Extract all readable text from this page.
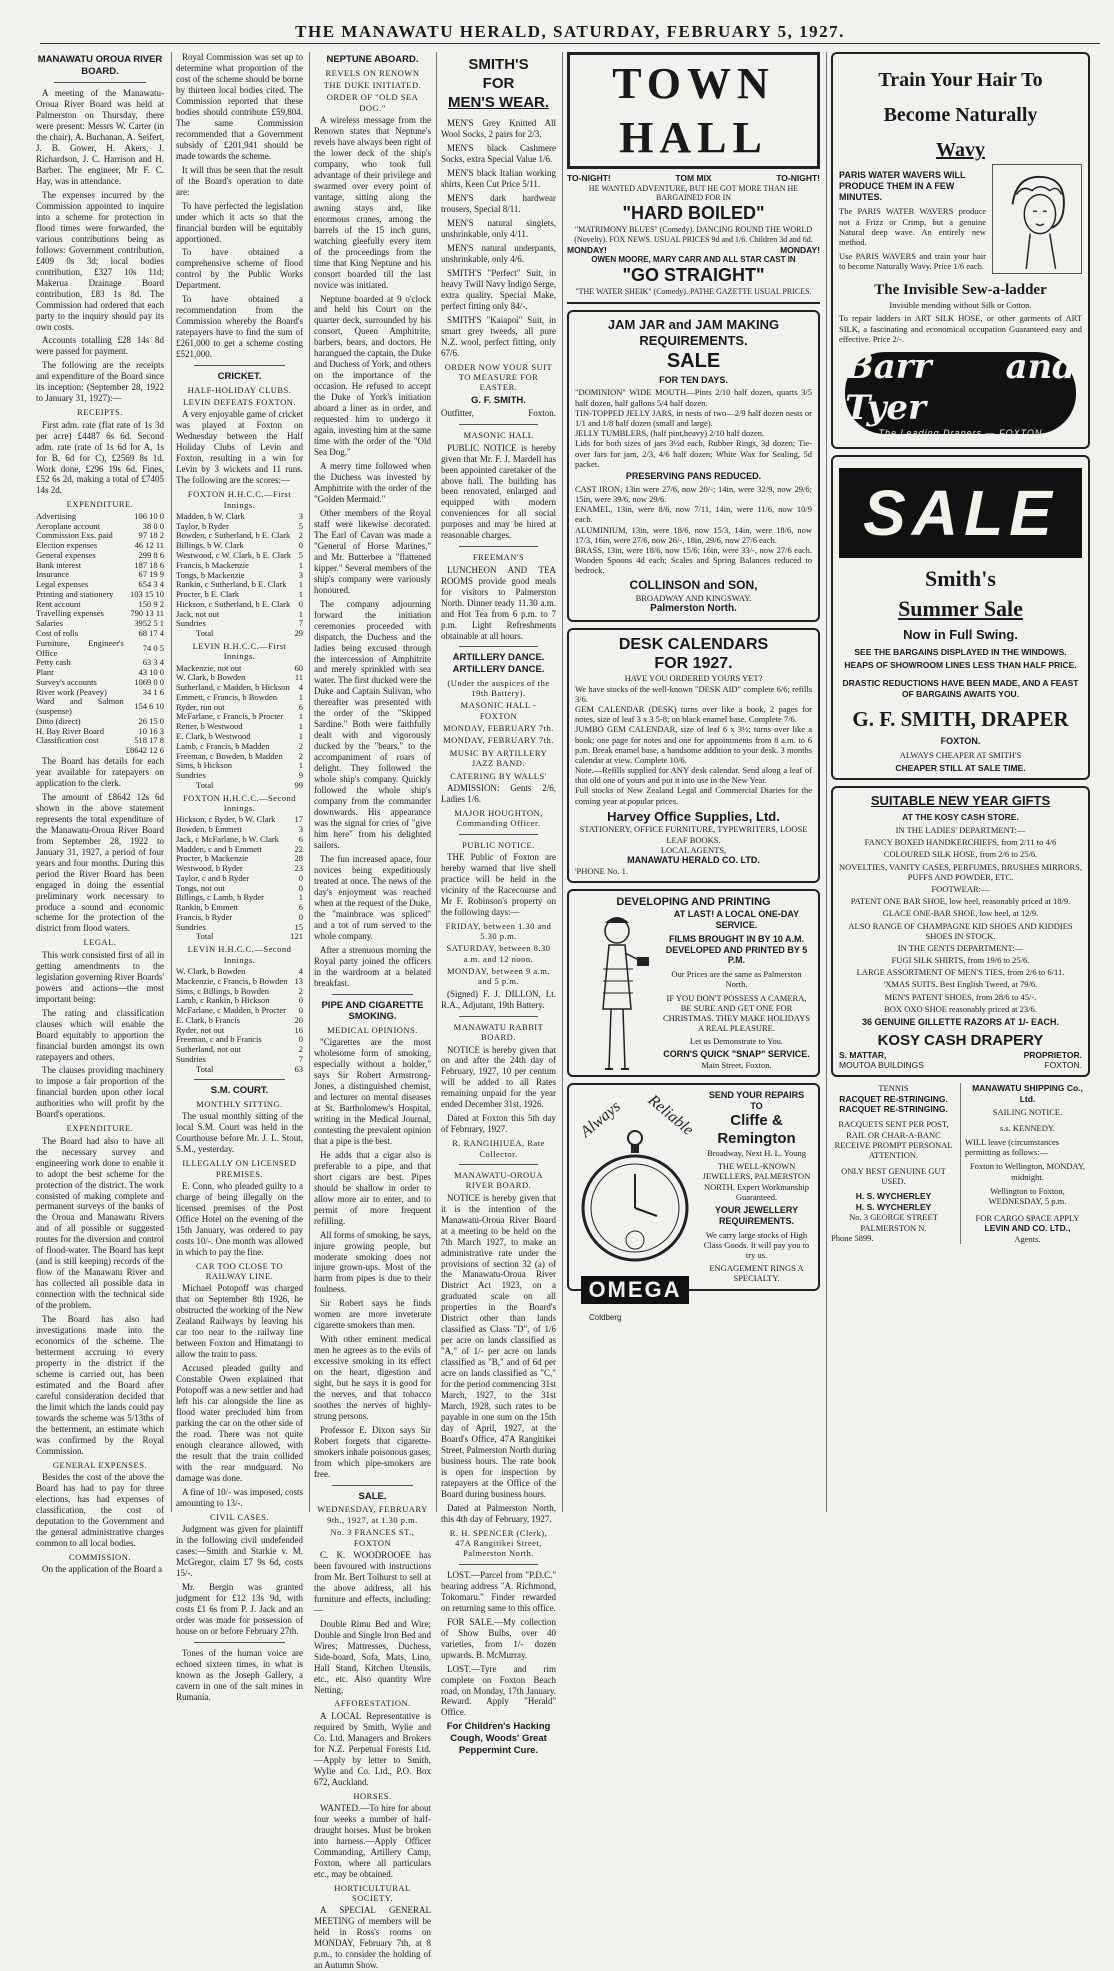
THE MANAWATU HERALD, SATURDAY, FEBRUARY 5, 1927.
MANAWATU OROUA RIVER BOARD.

A meeting of the Manawatu-Oroua River Board was held at Palmerston on Thursday, there were present: Messrs W. Carter (in the chair), A. Buchanan, A. Seifert, J. B. Gower, H. Akers, J. Richardson, J. C. Harrison and H. Barber. The engineer, Mr F. C. Hay, was in attendance.

The expenses incurred by the Commission appointed to inquire into a scheme for protection in flood times were forwarded, the various contributions being as follows: Government contribution, £409 0s 3d; local bodies contribution, £327 10s 11d; Makerua Drainage Board contribution, £83 1s 8d. The Commission had ordered that each party to the inquiry should pay its own costs.

Accounts totalling £28 14s 8d were passed for payment.

The following are the receipts and expenditure of the Board since its inception: (September 28, 1922 to January 31, 1927):—

RECEIPTS.

First adm. rate (flat rate of 1s 3d per acre) £4487 6s 6d. Second adm. rate (rate of 1s 6d for A, 1s for B, 6d for C), £2569 8s 1d. Work done, £296 19s 6d. Fines, £52 6s 2d, making a total of £7405 14s 2d.

EXPENDITURE.
Advertising	106 10 0
Aeroplane account	38 0 0
Commission Exs. paid	97 18 2
Election expenses	46 12 11
General expenses	299 8 6
Bank interest	187 18 6
Insurance	67 19 9
Legal expenses	654 3 4
Printing and stationery	103 15 10
Rent account	150 9 2
Travelling expenses	790 13 11
Salaries	3952 5 1
Cost of rolls	68 17 4
Furniture, Engineer's Office	74 0 5
Petty cash	63 3 4
Plant	43 10 0
Survey's accounts	1069 0 0
River work (Peavey)	34 1 6
Ward and Salmon (suspense)	154 6 10
Ditto (direct)	26 15 0
H. Bay River Board	10 16 3
Classification cost	518 17 8
	£8642 12 6

The Board has details for each year available for ratepayers on application to the clerk.

The amount of £8642 12s 6d shown in the above statement represents the total expenditure of the Manawatu-Oroua River Board from September 28, 1922 to January 31, 1927, a period of four years and four months. During this period the River Board has been engaged in doing the essential preliminary work necessary to produce a sound and economic scheme for the protection of the district from flood waters.

LEGAL.

This work consisted first of all in getting amendments to the legislation governing River Boards' powers and actions—the most important being:

The rating and classification clauses which will enable the Board equitably to apportion the financial burden amongst its own ratepayers and others.

The clauses providing machinery to impose a fair proportion of the financial burden upon other local authorities who will profit by the Board's operations.

EXPENDITURE.

The Board had also to have all the necessary survey and engineering work done to enable it to adopt the best scheme for the protection of the district. The work consisted of making complete and permanent surveys of the banks of the Oroua and Manawatu Rivers and of all possible or suggested routes for the diversion and control of flood-water. The Board has kept (and is still keeping) records of the flow of the Manawatu River and has collected all possible data in connection with the technical side of the problem.

The Board has also had investigations made into the economics of the scheme. The betterment accruing to every property in the district if the scheme is carried out, has been estimated and the Board after careful consideration decided that the limit which the lands could pay towards the scheme was 5/13ths of the betterment, an estimate which was confirmed by the Royal Commission.

GENERAL EXPENSES.

Besides the cost of the above the Board has had to pay for three elections, has had expenses of classification, the cost of deputation to the Government and the general administrative charges common to all local bodies.

COMMISSION.

On the application of the Board a

Royal Commission was set up to determine what proportion of the cost of the scheme should be borne by thirteen local bodies cited. The Commission reported that these bodies should contribute £59,804. The same Commission recommended that a Government subsidy of £201,941 should be made towards the scheme.

It will thus be seen that the result of the Board's operation to date are:

To have perfected the legislation under which it acts so that the financial burden will be equitably apportioned.

To have obtained a comprehensive scheme of flood control by the Public Works Department.

To have obtained a recommendation from the Commission whereby the Board's ratepayers have to find the sum of £261,000 to get a scheme costing £521,000.

CRICKET.
HALF-HOLIDAY CLUBS.
LEVIN DEFEATS FOXTON.

A very enjoyable game of cricket was played at Foxton on Wednesday between the Half Holiday Clubs of Levin and Foxton, resulting in a win for Levin by 3 wickets and 11 runs. The following are the scores:—

FOXTON H.H.C.C.—First Innings.
Madden, b W. Clark	3
Taylor, b Ryder	5
Bowden, c Sutherland, b E. Clark	2
Billings, b W. Clark	0
Westwood, c W. Clark, b E. Clark	5
Francis, b Mackenzie	1
Tongs, b Mackenzie	3
Rankin, c Sutherland, b E. Clark	1
Procter, b E. Clark	1
Hickson, c Sutherland, b E. Clark	0
Jack, not out	1
Sundries	7
Total	29
LEVIN H.H.C.C.—First Innings.
Mackenzie, not out	60
W. Clark, b Bowden	11
Sutherland, c Madden, b Hickson	4
Emmett, c Francis, b Bowden	1
Ryder, run out	6
McFarlane, c Francis, b Procter	1
Retter, b Westwood	1
E. Clark, b Westwood	1
Lamb, c Francis, b Madden	2
Freeman, c Bowden, b Madden	2
Sims, b Hickson	1
Sundries	9
Total	99
FOXTON H.H.C.C.—Second Innings.
Hickson, c Ryder, b W. Clark	17
Bowden, b Emmett	3
Jack, c McFarlane, b W. Clark	6
Madden, c and b Emmett	22
Procter, b Mackenzie	28
Westwood, b Ryder	23
Taylor, c and b Ryder	0
Tongs, not out	0
Billings, c Lamb, b Ryder	1
Rankin, b Emmett	6
Francis, b Ryder	0
Sundries	15
Total	121
LEVIN H.H.C.C.—Second Innings.
W. Clark, b Bowden	4
Mackenzie, c Francis, b Bowden	13
Sims, c Billings, b Bowden	2
Lamb, c Rankin, b Hickson	0
McFarlane, c Madden, b Procter	0
E. Clark, b Francis	20
Ryder, not out	16
Freeman, c and b Francis	0
Sutherland, not out	2
Sundries	7
Total	63
S.M. COURT.
MONTHLY SITTING.

The usual monthly sitting of the local S.M. Court was held in the Courthouse before Mr. J. L. Stout, S.M., yesterday.

ILLEGALLY ON LICENSED PREMISES.

E. Conn, who pleaded guilty to a charge of being illegally on the licensed premises of the Post Office Hotel on the evening of the 15th January, was ordered to pay costs 10/-. One month was allowed in which to pay the fine.

CAR TOO CLOSE TO RAILWAY LINE.

Michael Potopoff was charged that on September 8th 1926, he obstructed the working of the New Zealand Railways by leaving his car too near to the railway line between Foxton and Himatangi to allow the train to pass.

Accused pleaded guilty and Constable Owen explained that Potopoff was a new settler and had left his car alongside the line as flood water precluded him from parking the car on the other side of the road. There was not quite enough clearance allowed, with the result that the train collided with the rear mudguard. No damage was done.

A fine of 10/- was imposed, costs amounting to 13/-.

CIVIL CASES.

Judgment was given for plaintiff in the following civil undefended cases:—Smith and Starkie v. M. McGregor, claim £7 9s 6d, costs 15/-.

Mr. Bergin was granted judgment for £12 13s 9d, with costs £1 6s from P. J. Jack and an order was made for possession of house on or before February 27th.

Tones of the human voice are echoed sixteen times, in what is known as the Joseph Gallery, a cavern in one of the salt mines in Rumania.

NEPTUNE ABOARD.
REVELS ON RENOWN
THE DUKE INITIATED.
ORDER OF "OLD SEA DOG."

A wireless message from the Renown states that Neptune's revels have always been right of the lower deck of the ship's company, who took full advantage of their privilege and swarmed over every point of vantage, sitting along the awning stays and, like enormous cranes, among the barrels of the 15 inch guns, watching gleefully every item of the proceedings from the time that King Neptune and his consort boarded till the last novice was initiated.

Neptune boarded at 9 o'clock and held his Court on the quarter deck, surrounded by his consort, Queen Amphitrite, barbers, bears, and doctors. He harangued the captain, the Duke and Duchess of York, and others on the importance of the occasion. He refused to accept the Duke of York's initiation aboard a liner as in order, and requested him to undergo it again, investing him at the same time with the order of the "Old Sea Dog."

A merry time followed when the Duchess was invested by Amphitrite with the order of the "Golden Mermaid."

Other members of the Royal staff were likewise decorated. The Earl of Cavan was made a "General of Horse Marines," and Mr. Butterbee a "flattened kipper." Several members of the ship's company were variously honoured.

The company adjourning forward the initiation ceremonies proceeded with dispatch, the Duchess and the ladies being excused through the intercession of Amphitrite and merely sprinkled with sea water. The first ducked were the Duke and Captain Sulivan, who thereafter was presented with the order of the "Skipped Sardine." Both were faithfully dealt with and vigorously ducked by the "bears," to the accompaniment of roars of delight. They followed the whole ship's company. Quickly followed the whole ship's company from the commander downwards. His appearance was the signal for cries of "give him here" from his delighted sailors.

The fun increased apace, four novices being expeditiously treated at once. The news of the day's enjoyment was reached when at the request of the Duke, the "mainbrace was spliced" and a tot of rum served to the whole company.

After a strenuous morning the Royal party joined the officers in the wardroom at a belated breakfast.

PIPE AND CIGARETTE SMOKING.
MEDICAL OPINIONS.

"Cigarettes are the most wholesome form of smoking, especially without a holder," says Sir Robert Armstrong-Jones, a distinguished chemist, and lecturer on mental diseases at St. Bartholomew's Hospital, writing in the Medical Journal, contesting the prevalent opinion that a pipe is the best.

He adds that a cigar also is preferable to a pipe, and that short cigars are best. Pipes should be shallow in order to allow more air to enter, and to permit of more frequent refilling.

All forms of smoking, he says, injure growing people, but moderate smoking does not injure grown-ups. Most of the harm from pipes is due to their foulness.

Sir Robert says he finds women are more inveterate cigarette smokers than men.

With other eminent medical men he agrees as to the evils of excessive smoking in its effect on the heart, digestion and sight, but he says it is good for the nerves, and that tobacco soothes the nerves of highly-strung persons.

Professor E. Dixon says Sir Robert forgets that cigarette-smokers inhale poisonous gases, from which pipe-smokers are free.

SALE.
WEDNESDAY, FEBRUARY 9th., 1927, at 1.30 p.m.
No. 3 FRANCES ST., FOXTON

C. K. WOODROOFE has been favoured with instructions from Mr. Bert Tolhurst to sell at the above address, all his furniture and effects, including:—

Double Rimu Bed and Wire; Double and Single Iron Bed and Wires; Mattresses, Duchess, Side-board, Sofa, Mats, Lino, Hall Stand, Kitchen Utensils, etc., etc. Also quantity Wire Netting.

AFFORESTATION.

A LOCAL Representative is required by Smith, Wylie and Co. Ltd. Managers and Brokers for N.Z. Perpetual Forests Ltd.—Apply by letter to Smith, Wylie and Co. Ltd., P.O. Box 672, Auckland.

HORSES.

WANTED.—To hire for about four weeks a number of half-draught horses. Must be broken into harness.—Apply Officer Commanding, Artillery Camp, Foxton, where all particulars etc., may be obtained.

HORTICULTURAL SOCIETY.

A SPECIAL GENERAL MEETING of members will be held in Ross's rooms on MONDAY, February 7th, at 8 p.m., to consider the holding of an Autumn Show.

SMITH'S
FOR
MEN'S WEAR.

MEN'S Grey Knitted All Wool Socks, 2 pairs for 2/3.

MEN'S black Cashmere Socks, extra Special Value 1/6.

MEN'S black Italian working shirts, Keen Cut Price 5/11.

MEN'S dark hardwear trousers, Special 8/11.

MEN'S natural singlets, unshrinkable, only 4/11.

MEN'S natural underpants, unshrinkable, only 4/6.

SMITH'S "Perfect" Suit, in heavy Twill Navy Indigo Serge, extra quality. Special Make, perfect fitting only 84/-.

SMITH'S "Kaiapoi" Suit, in smart grey tweeds, all pure N.Z. wool, perfect fitting, only 67/6.

ORDER NOW YOUR SUIT TO MEASURE FOR EASTER.
G. F. SMITH.
Outfitter,	Foxton.
MASONIC HALL

PUBLIC NOTICE is hereby given that Mr. F. J. Mardell has been appointed caretaker of the above hall. The building has been renovated, enlarged and equipped with modern conveniences for all social purposes and may be hired at reasonable charges.

FREEMAN'S

LUNCHEON AND TEA ROOMS provide good meals for visitors to Palmerston North. Dinner ready 11.30 a.m. and Hot Tea from 6 p.m. to 7 p.m. Light Refreshments obtainable at all hours.

ARTILLERY DANCE. ARTILLERY DANCE.
(Under the auspices of the 19th Battery).
MASONIC HALL - FOXTON
MONDAY, FEBRUARY 7th.
MONDAY, FEBRUARY 7th.
MUSIC BY ARTILLERY JAZZ BAND.
CATERING BY WALLS'

ADMISSION: Gents 2/6, Ladies 1/6.

MAJOR HOUGHTON, Commanding Officer.
PUBLIC NOTICE.

THE Public of Foxton are hereby warned that live shell practice will be held in the vicinity of the Racecourse and Mr F. Robinson's property on the following days:—

FRIDAY, between 1.30 and 5.30 p.m.
SATURDAY, between 8.30 a.m. and 12 noon.
MONDAY, between 9 a.m. and 5 p.m.

(Signed) F. J. DILLON, Lt. R.A., Adjutant, 19th Battery.

MANAWATU RABBIT BOARD.

NOTICE is hereby given that on and after the 24th day of February, 1927, 10 per centum will be added to all Rates remaining unpaid for the year ended December 31st, 1926.

Dated at Foxton this 5th day of February, 1927.

R. RANGIHIUEA, Rate Collector.
MANAWATU-OROUA RIVER BOARD.

NOTICE is hereby given that it is the intention of the Manawatu-Oroua River Board at a meeting to be held on the 7th March 1927, to make an administrative rate under the provisions of section 32 (a) of the Manawatu-Oroua River District Act 1923, on a graduated scale on all properties in the Board's District other than lands classified as Class "D", of 1/6 per acre on lands classified as "A," of 1/- per acre on lands classified as "B," and of 6d per acre on lands classified as "C," for the period commencing 31st March, 1927, to the 31st March, 1928, such rates to be payable in one sum on the 15th day of April, 1927, at the Board's Office, 47A Rangitikei Street, Palmerston North during business hours. The rate book is open for inspection by ratepayers at the Office of the Board during business hours.

Dated at Palmerston North, this 4th day of February, 1927.

R. H. SPENCER (Clerk), 47A Rangitikei Street, Palmerston North.

LOST.—Parcel from "P.D.C." bearing address "A. Richmond, Tokomaru." Finder rewarded on returning same to this office.

FOR SALE.—My collection of Show Bulbs, over 40 varieties, from 1/- dozen upwards. B. McMurray.

LOST.—Tyre and rim complete on Foxton Beach road, on Monday, 17th January. Reward. Apply "Herald" Office.

For Children's Hacking Cough, Woods' Great Peppermint Cure.
TOWN HALL
TO-NIGHT!	TOM MIX	TO-NIGHT!
HE WANTED ADVENTURE, BUT HE GOT MORE THAN HE BARGAINED FOR IN
"HARD BOILED"
"MATRIMONY BLUES" (Comedy). DANCING ROUND THE WORLD (Novelty). FOX NEWS. USUAL PRICES 9d and 1/6. Children 3d and 6d.
MONDAY!	MONDAY!
OWEN MOORE, MARY CARR AND ALL STAR CAST IN
"GO STRAIGHT"
"THE WATER SHEIK" (Comedy). PATHE GAZETTE USUAL PRICES.
JAM JAR and JAM MAKING REQUIREMENTS.
SALE
FOR TEN DAYS.
"DOMINION" WIDE MOUTH—Pints 2/10 half dozen, quarts 3/5 half dozen, half gallons 5/4 half dozen.
TIN-TOPPED JELLY JARS, in nests of two—2/9 half dozen nests or 1/1 and 1/8 half dozen (small and large).
JELLY TUMBLERS, (half pint,heavy) 2/10 half dozen.
Lids for both sizes of jars 3½d each, Rubber Rings, 3d dozen; Tie-over Jars for jam, 2/3, 4/6 half dozen; White Wax for Sealing, 5d packet.
PRESERVING PANS REDUCED.
CAST IRON, 13in were 27/6, now 20/-; 14in, were 32/9, now 29/6; 15in, were 39/6, now 29/6.
ENAMEL, 13in, were 8/6, now 7/11, 14in, were 11/6, now 10/9 each.
ALUMINIUM, 13in, were 18/6, now 15/3, 14in, were 18/6, now 17/3, 16in, were 27/6, now 26/-, 18in, 29/6, now 27/6 each.
BRASS, 13in, were 18/6, now 15/6; 16in, were 33/-, now 27/6 each. Wooden Spoons 4d each; Scales and Spring Balances reduced to bedrock.
COLLINSON and SON,
BROADWAY AND KINGSWAY.
Palmerston North.
DESK CALENDARS
FOR 1927.
HAVE YOU ORDERED YOURS YET?
We have stocks of the well-known "DESK AID" complete 6/6; refills 3/6.
GEM CALENDAR (DESK) turns over like a book, 2 pages for notes, size of leaf 3 x 3 5-8; on black enamel base. Complete 7/6.
JUMBO GEM CALENDAR, size of leaf 6 x 3½; turns over like a book; one page for notes and one for appointments from 8 a.m. to 6 p.m. Break enamel base, a handsome addition to your desk. 3 months calendar at view. Complete 10/6.
Note.—Refills supplied for ANY desk calendar. Send along a leaf of that old one of yours and put it into use in the New Year.
Full stocks of New Zealand Legal and Commercial Diaries for the coming year at popular prices.
Harvey Office Supplies, Ltd.
STATIONERY, OFFICE FURNITURE, TYPEWRITERS, LOOSE LEAF BOOKS.
LOCAL AGENTS,
MANAWATU HERALD CO. LTD.
'PHONE No. 1.
DEVELOPING AND PRINTING
AT LAST! A LOCAL ONE-DAY SERVICE.
FILMS BROUGHT IN BY 10 A.M. DEVELOPED AND PRINTED BY 5 P.M.
Our Prices are the same as Palmerston North.
IF YOU DON'T POSSESS A CAMERA, BE SURE AND GET ONE FOR CHRISTMAS. THEY MAKE HOLIDAYS A REAL PLEASURE.
Let us Demonstrate to You.
CORN'S QUICK "SNAP" SERVICE.
Main Street, Foxton.
Always Reliable
OMEGA
Coldberg
SEND YOUR REPAIRS
TO
Cliffe &
Remington
Broadway, Next H. L. Young
THE WELL-KNOWN JEWELLERS, PALMERSTON NORTH. Expert Workmanship Guaranteed.
YOUR JEWELLERY REQUIREMENTS.
We carry large stocks of High Class Goods. It will pay you to try us.
ENGAGEMENT RINGS A SPECIALTY.
Train Your Hair To
Become Naturally
Wavy
PARIS WATER WAVERS WILL PRODUCE THEM IN A FEW MINUTES.
The PARIS WATER WAVERS produce not a Frizz or Crimp, but a genuine Natural deep wave. An entirely new method.
Use PARIS WAVERS and train your hair to become Naturally Wavy. Price 1/6 each.
The Invisible Sew-a-ladder
Invisible mending without Silk or Cotton.
To repair ladders in ART SILK HOSE, or other garments of ART SILK, a fascinating and economical occupation Guaranteed easy and effective. Price 2/-.
Barr and Tyer
The Leading Drapers — FOXTON
SALE
Smith's
Summer Sale
Now in Full Swing.
SEE THE BARGAINS DISPLAYED IN THE WINDOWS.
HEAPS OF SHOWROOM LINES LESS THAN HALF PRICE.
DRASTIC REDUCTIONS HAVE BEEN MADE, AND A FEAST OF BARGAINS AWAITS YOU.
G. F. SMITH, DRAPER
FOXTON.
ALWAYS CHEAPER AT SMITH'S
CHEAPER STILL AT SALE TIME.
SUITABLE NEW YEAR GIFTS
AT THE KOSY CASH STORE.
IN THE LADIES' DEPARTMENT:—
FANCY BOXED HANDKERCHIEFS, from 2/11 to 4/6
COLOURED SILK HOSE, from 2/6 to 25/6.
NOVELTIES, VANITY CASES, PERFUMES, BRUSHES MIRRORS, PUFFS AND POWDER, ETC.
FOOTWEAR:—
PATENT ONE BAR SHOE, low heel, reasonably priced at 18/9.
GLACE ONE-BAR SHOE, low heel, at 12/9.
ALSO RANGE OF CHAMPAGNE KID SHOES AND KIDDIES SHOES IN STOCK.
IN THE GENTS DEPARTMENT:—
FUGI SILK SHIRTS, from 19/6 to 25/6.
LARGE ASSORTMENT OF MEN'S TIES, from 2/6 to 6/11.
'XMAS SUITS. Best English Tweed, at 79/6.
MEN'S PATENT SHOES, from 28/6 to 45/-.
BOX OXO SHOE reasonably priced at 23/6.
36 GENUINE GILLETTE RAZORS AT 1/- EACH.
KOSY CASH DRAPERY
S. MATTAR,	PROPRIETOR.
MOUTOA BUILDINGS	FOXTON.
TENNIS
RACQUET RE-STRINGING.
RACQUET RE-STRINGING.
RACQUETS SENT PER POST, RAIL OR CHAR-A-BANC RECEIVE PROMPT PERSONAL ATTENTION.
ONLY BEST GENUINE GUT USED.
H. S. WYCHERLEY
H. S. WYCHERLEY
No. 3 GEORGE STREET PALMERSTON N.
Phone 5899.
MANAWATU SHIPPING Co., Ltd.
SAILING NOTICE.
s.s. KENNEDY.
WILL leave (circumstances permitting as follows:—
Foxton to Wellington, MONDAY, midnight.
Wellington to Foxton, WEDNESDAY, 5 p.m.
FOR CARGO SPACE APPLY
LEVIN AND CO. LTD.,
Agents.
